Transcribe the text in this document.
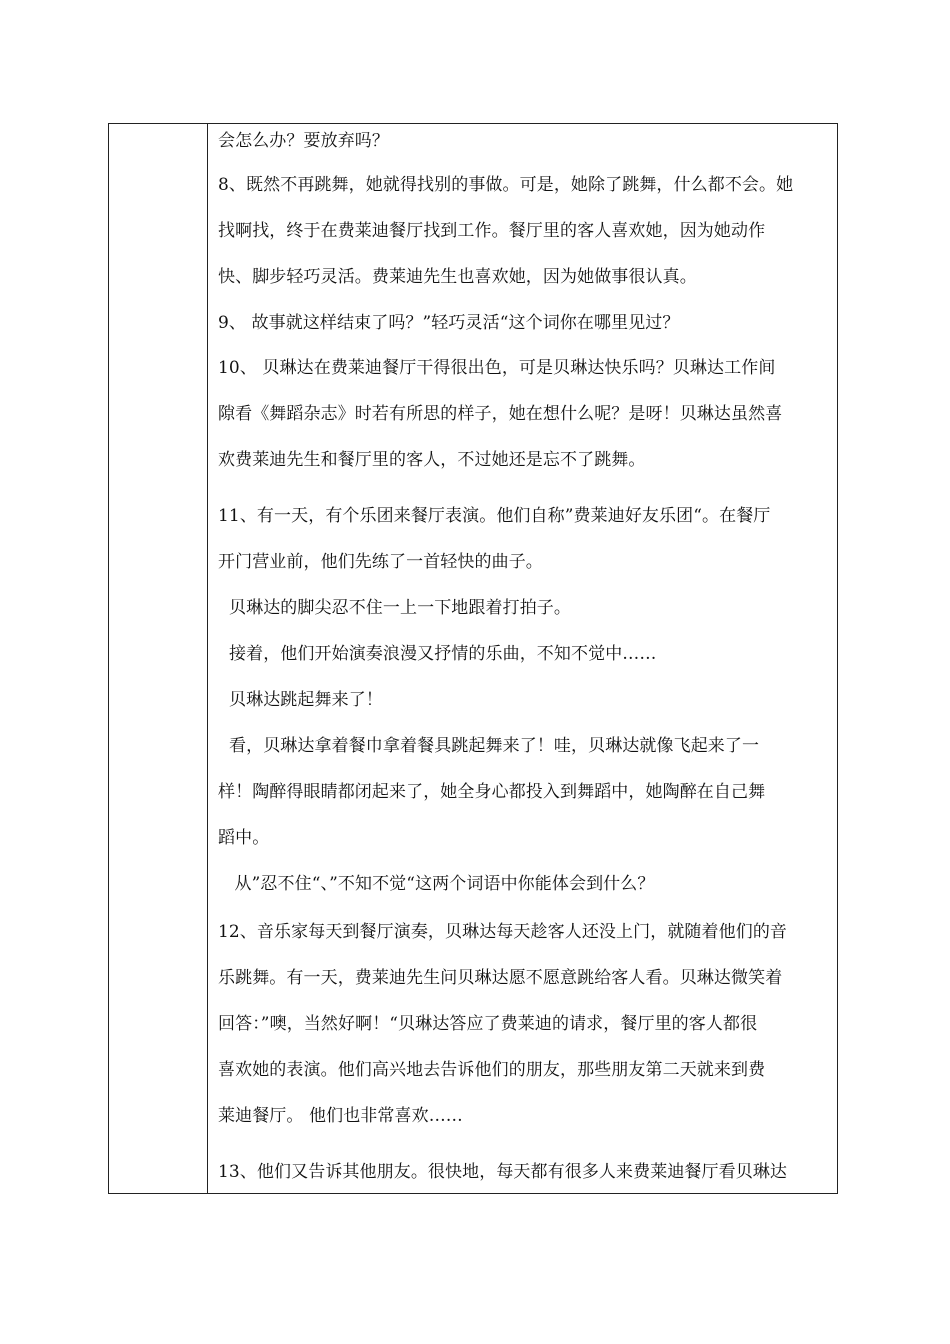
会怎么办？要放弃吗？
8、既然不再跳舞，她就得找别的事做。可是，她除了跳舞，什么都不会。她
找啊找，终于在费莱迪餐厅找到工作。餐厅里的客人喜欢她，因为她动作
快、脚步轻巧灵活。费莱迪先生也喜欢她，因为她做事很认真。
9、 故事就这样结束了吗？”轻巧灵活“这个词你在哪里见过？
10、 贝琳达在费莱迪餐厅干得很出色，可是贝琳达快乐吗？贝琳达工作间
隙看《舞蹈杂志》时若有所思的样子，她在想什么呢？是呀！贝琳达虽然喜
欢费莱迪先生和餐厅里的客人，不过她还是忘不了跳舞。
11、有一天，有个乐团来餐厅表演。他们自称”费莱迪好友乐团“。在餐厅
开门营业前，他们先练了一首轻快的曲子。
贝琳达的脚尖忍不住一上一下地跟着打拍子。
接着，他们开始演奏浪漫又抒情的乐曲，不知不觉中……
贝琳达跳起舞来了！
看，贝琳达拿着餐巾拿着餐具跳起舞来了！哇，贝琳达就像飞起来了一
样！陶醉得眼睛都闭起来了，她全身心都投入到舞蹈中，她陶醉在自己舞
蹈中。
从”忍不住“、”不知不觉“这两个词语中你能体会到什么？
12、音乐家每天到餐厅演奏，贝琳达每天趁客人还没上门，就随着他们的音
乐跳舞。有一天，费莱迪先生问贝琳达愿不愿意跳给客人看。贝琳达微笑着
回答：”噢，当然好啊！“贝琳达答应了费莱迪的请求，餐厅里的客人都很
喜欢她的表演。他们高兴地去告诉他们的朋友，那些朋友第二天就来到费
莱迪餐厅。 他们也非常喜欢……
13、他们又告诉其他朋友。很快地，每天都有很多人来费莱迪餐厅看贝琳达
